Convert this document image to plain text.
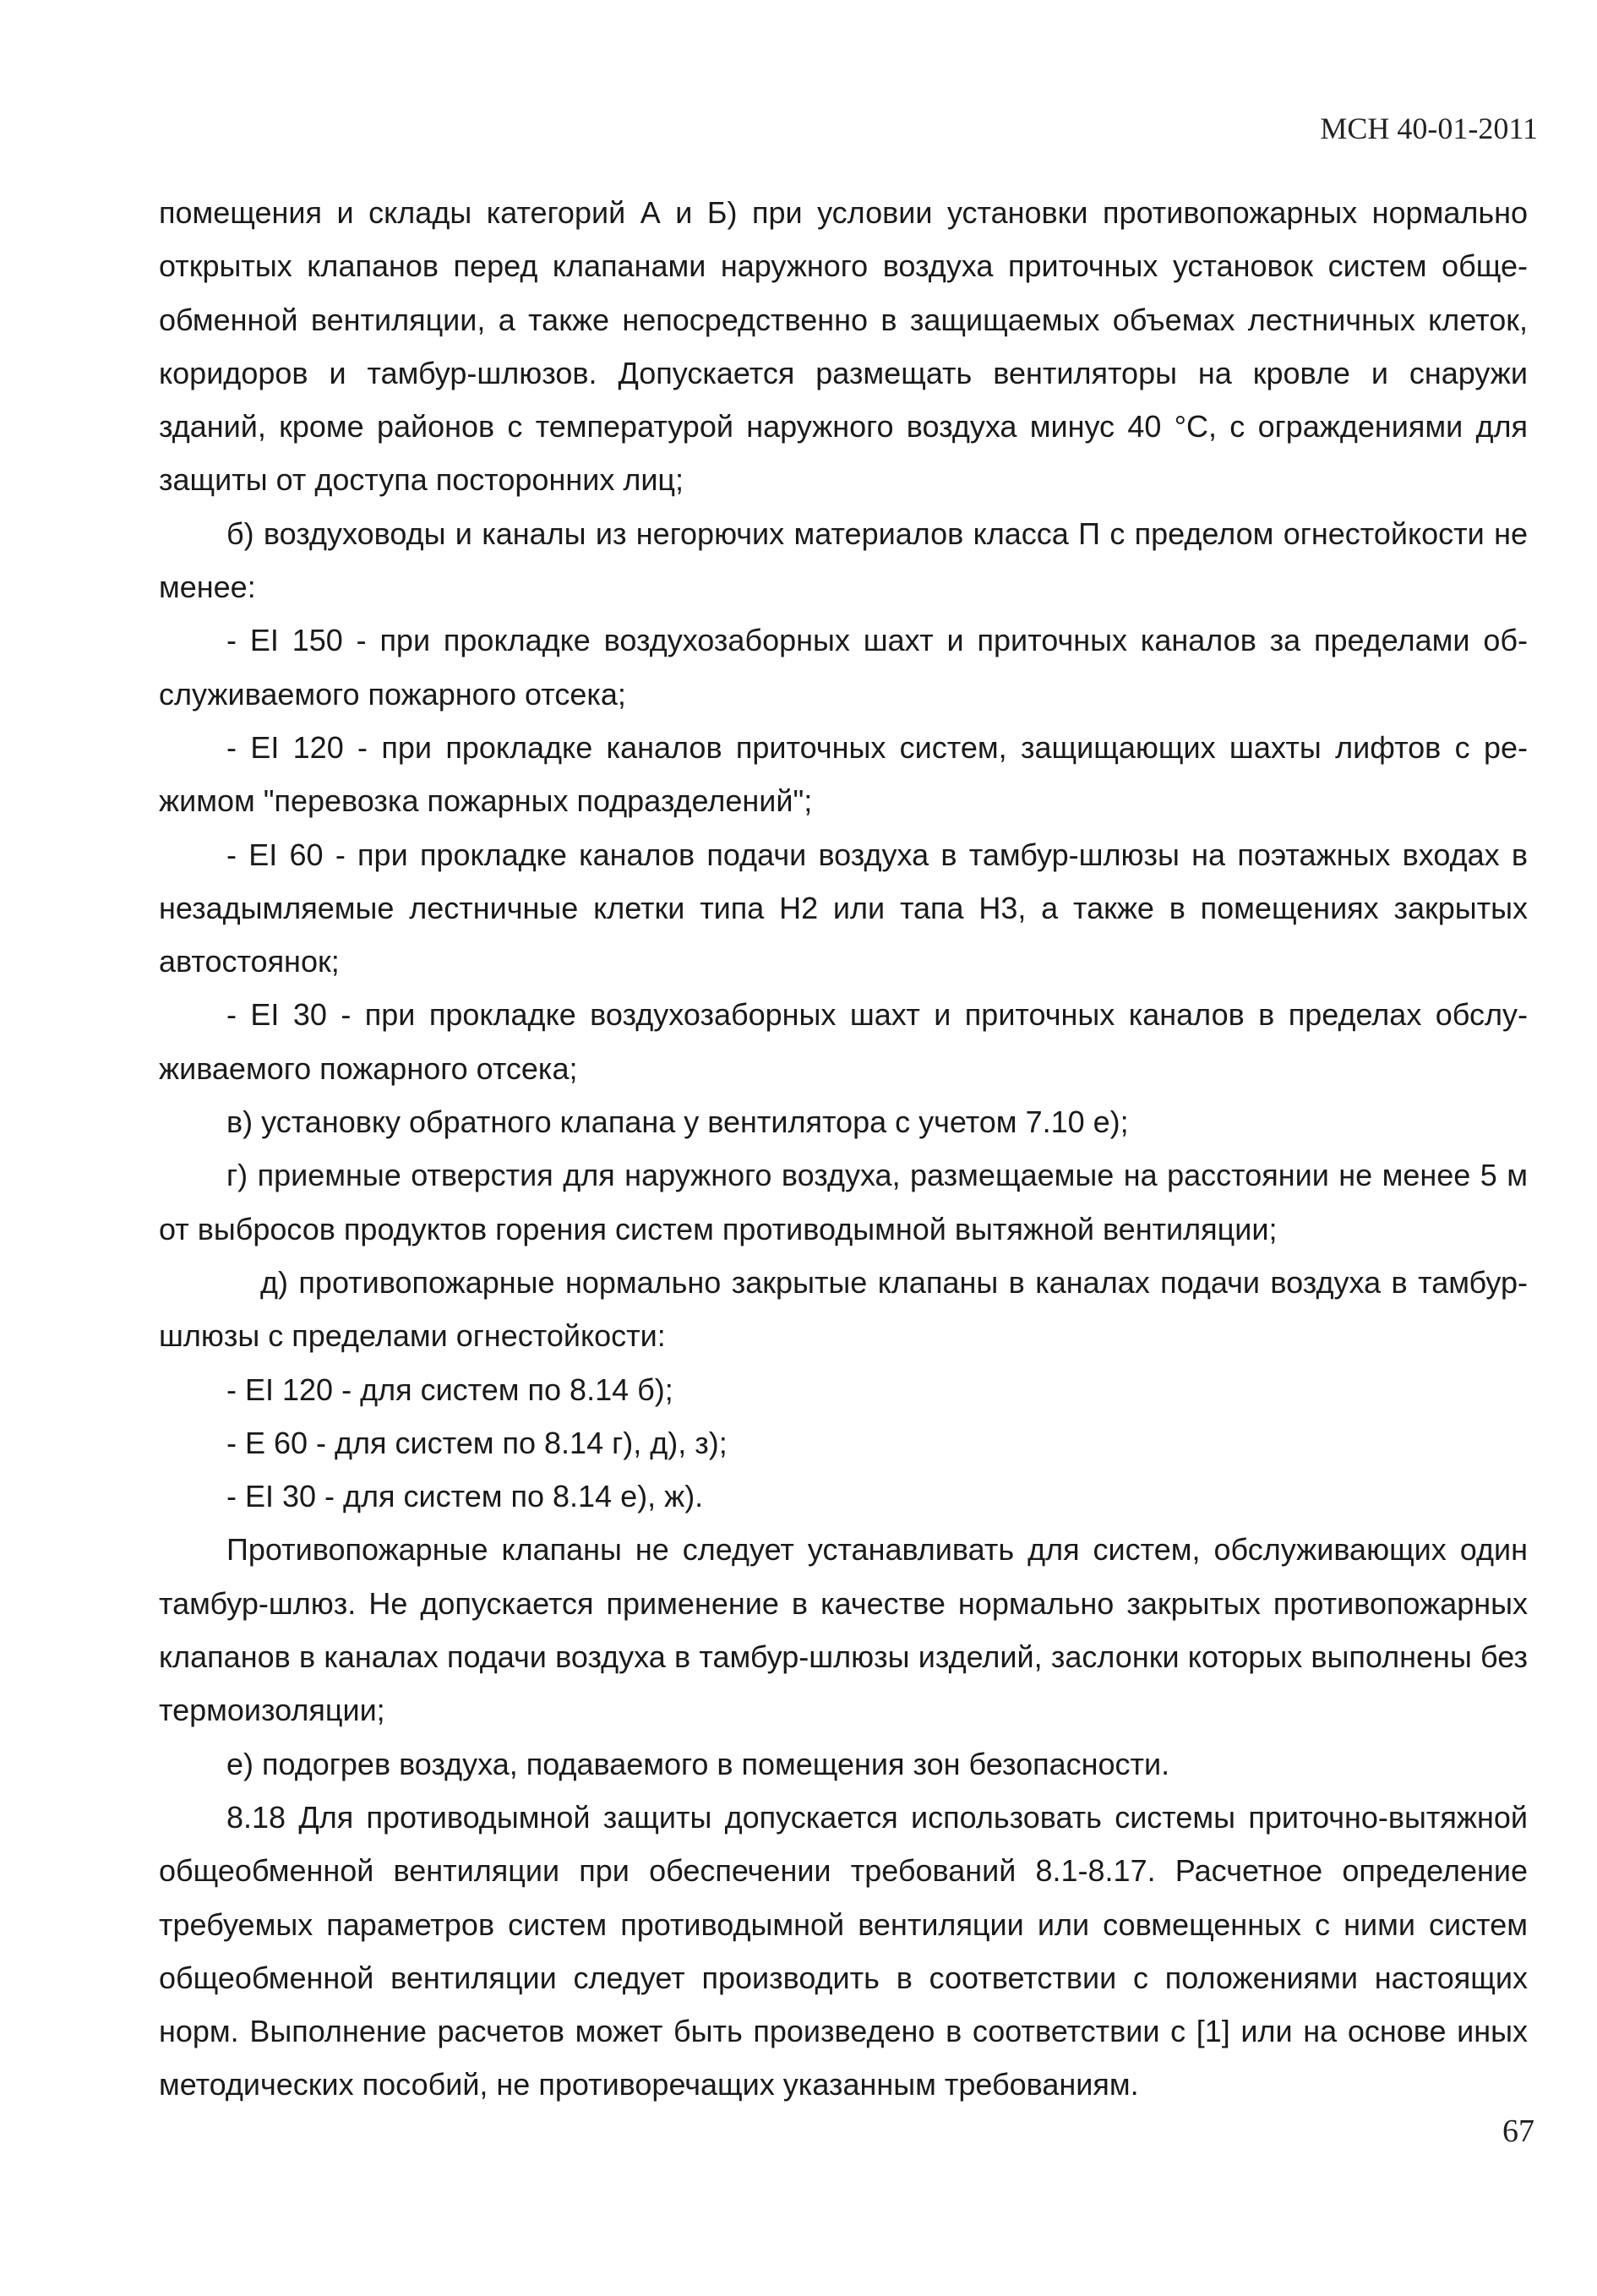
МСН 40-01-2011

помещения и склады категорий А и Б) при условии установки противопожарных нормально открытых клапанов перед клапанами наружного воздуха приточных установок систем общеобменной вентиляции, а также непосредственно в защищаемых объемах лестничных клеток, коридоров и тамбур-шлюзов. Допускается размещать вентиляторы на кровле и снаружи зданий, кроме районов с температурой наружного воздуха минус 40 °С, с ограждениями для защиты от доступа посторонних лиц;

б) воздуховоды и каналы из негорючих материалов класса П с пределом огнестойкости не менее:

- EI 150 - при прокладке воздухозаборных шахт и приточных каналов за пределами обслуживаемого пожарного отсека;

- EI 120 - при прокладке каналов приточных систем, защищающих шахты лифтов с режимом "перевозка пожарных подразделений";

- EI 60 - при прокладке каналов подачи воздуха в тамбур-шлюзы на поэтажных входах в незадымляемые лестничные клетки типа Н2 или тапа Н3, а также в помещениях закрытых автостоянок;

- EI 30 - при прокладке воздухозаборных шахт и приточных каналов в пределах обслуживаемого пожарного отсека;

в) установку обратного клапана у вентилятора с учетом 7.10 е);

г) приемные отверстия для наружного воздуха, размещаемые на расстоянии не менее 5 м от выбросов продуктов горения систем противодымной вытяжной вентиляции;

д) противопожарные нормально закрытые клапаны в каналах подачи воздуха в тамбур-шлюзы с пределами огнестойкости:

- EI 120 - для систем по 8.14 б);

- Е 60 - для систем по 8.14 г), д), з);

- EI 30 - для систем по 8.14 е), ж).

Противопожарные клапаны не следует устанавливать для систем, обслуживающих один тамбур-шлюз. Не допускается применение в качестве нормально закрытых противопожарных клапанов в каналах подачи воздуха в тамбур-шлюзы изделий, заслонки которых выполнены без термоизоляции;

е) подогрев воздуха, подаваемого в помещения зон безопасности.

8.18 Для противодымной защиты допускается использовать системы приточно-вытяжной общеобменной вентиляции при обеспечении требований 8.1-8.17. Расчетное определение требуемых параметров систем противодымной вентиляции или совмещенных с ними систем общеобменной вентиляции следует производить в соответствии с положениями настоящих норм. Выполнение расчетов может быть произведено в соответствии с [1] или на основе иных методических пособий, не противоречащих указанным требованиям.

67
